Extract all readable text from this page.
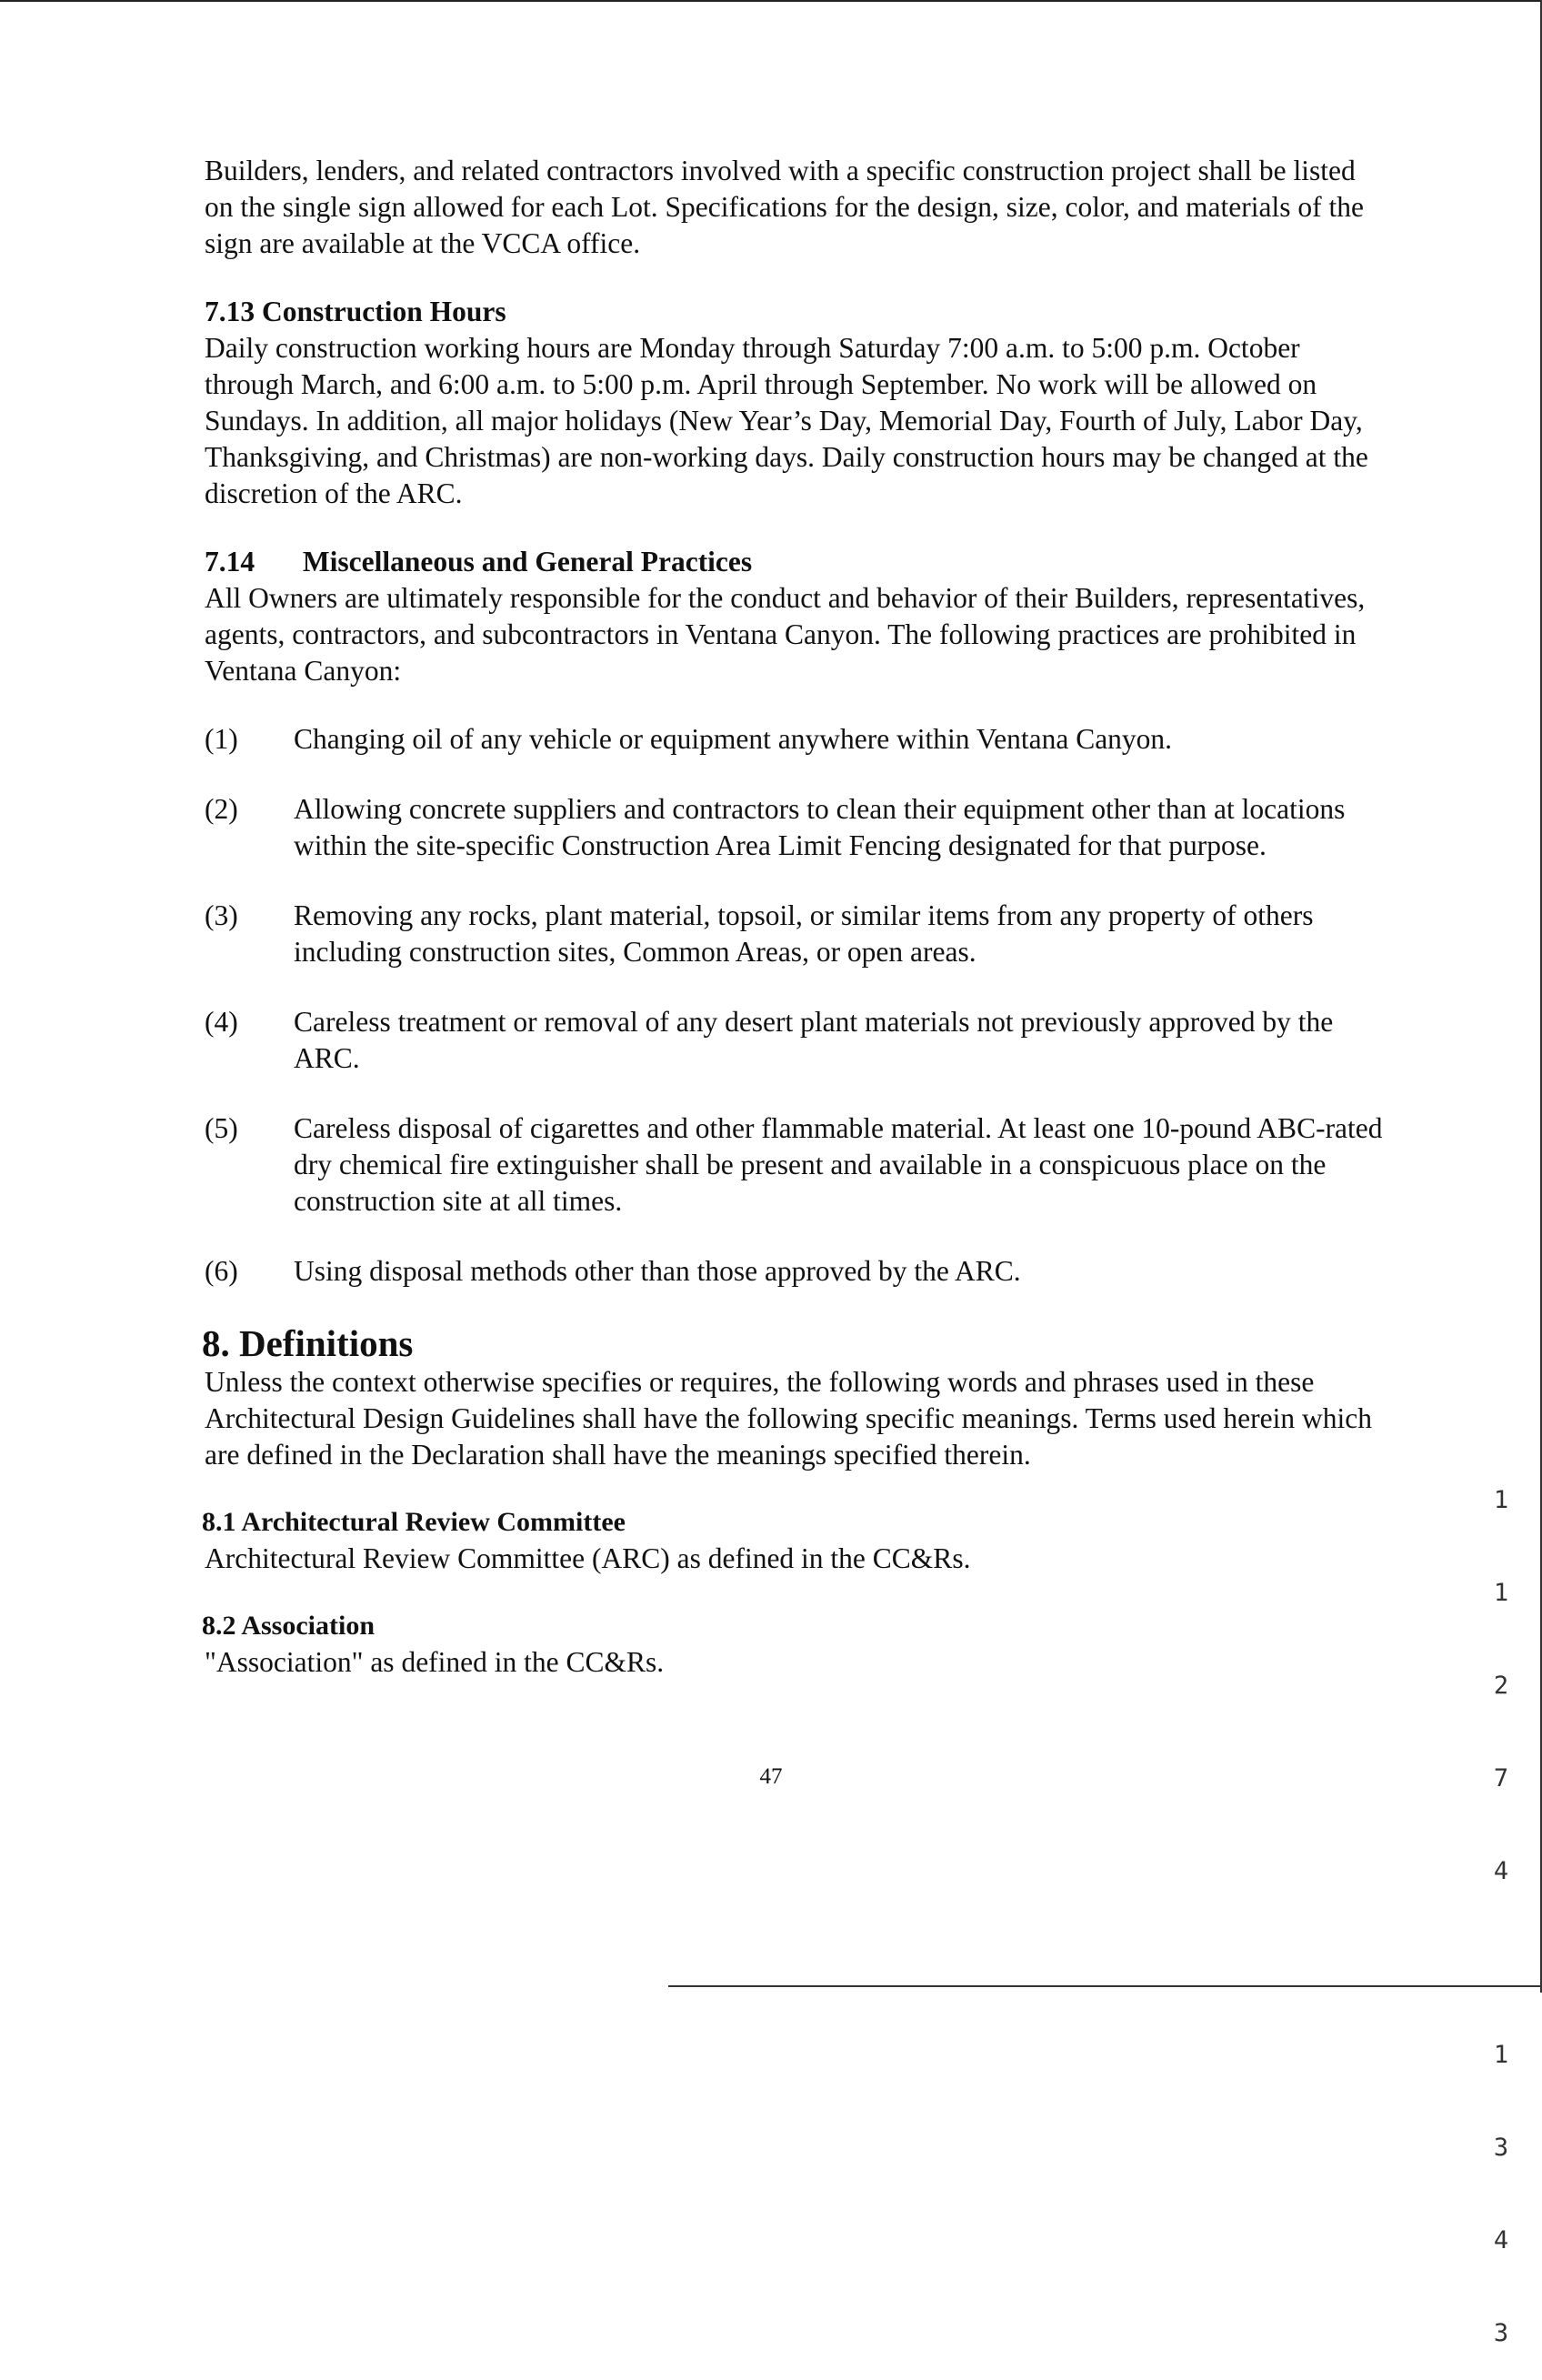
Builders, lenders, and related contractors involved with a specific construction project shall be listed on the single sign allowed for each Lot. Specifications for the design, size, color, and materials of the sign are available at the VCCA office.

7.13 Construction Hours

Daily construction working hours are Monday through Saturday 7:00 a.m. to 5:00 p.m. October through March, and 6:00 a.m. to 5:00 p.m. April through September. No work will be allowed on Sundays. In addition, all major holidays (New Year’s Day, Memorial Day, Fourth of July, Labor Day, Thanksgiving, and Christmas) are non-working days. Daily construction hours may be changed at the discretion of the ARC.

7.14 Miscellaneous and General Practices

All Owners are ultimately responsible for the conduct and behavior of their Builders, representatives, agents, contractors, and subcontractors in Ventana Canyon. The following practices are prohibited in Ventana Canyon:

(1) Changing oil of any vehicle or equipment anywhere within Ventana Canyon.
(2) Allowing concrete suppliers and contractors to clean their equipment other than at locations within the site-specific Construction Area Limit Fencing designated for that purpose.
(3) Removing any rocks, plant material, topsoil, or similar items from any property of others including construction sites, Common Areas, or open areas.
(4) Careless treatment or removal of any desert plant materials not previously approved by the ARC.
(5) Careless disposal of cigarettes and other flammable material. At least one 10-pound ABC-rated dry chemical fire extinguisher shall be present and available in a conspicuous place on the construction site at all times.
(6) Using disposal methods other than those approved by the ARC.
8. Definitions

Unless the context otherwise specifies or requires, the following words and phrases used in these Architectural Design Guidelines shall have the following specific meanings. Terms used herein which are defined in the Declaration shall have the meanings specified therein.

8.1 Architectural Review Committee

Architectural Review Committee (ARC) as defined in the CC&Rs.

8.2 Association

"Association" as defined in the CC&Rs.

47

1

1

2

7

4

1

3

4

3
